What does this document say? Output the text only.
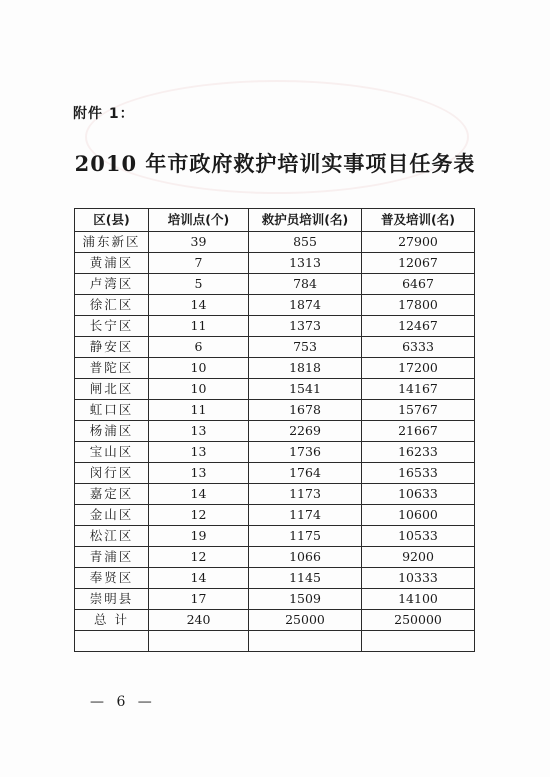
附件 1：
2010 年市政府救护培训实事项目任务表
区(县)	培训点(个)	救护员培训(名)	普及培训(名)
浦东新区	39	855	27900
黄浦区	7	1313	12067
卢湾区	5	784	6467
徐汇区	14	1874	17800
长宁区	11	1373	12467
静安区	6	753	6333
普陀区	10	1818	17200
闸北区	10	1541	14167
虹口区	11	1678	15767
杨浦区	13	2269	21667
宝山区	13	1736	16233
闵行区	13	1764	16533
嘉定区	14	1173	10633
金山区	12	1174	10600
松江区	19	1175	10533
青浦区	12	1066	9200
奉贤区	14	1145	10333
崇明县	17	1509	14100
总 计	240	25000	250000

— 6 —
